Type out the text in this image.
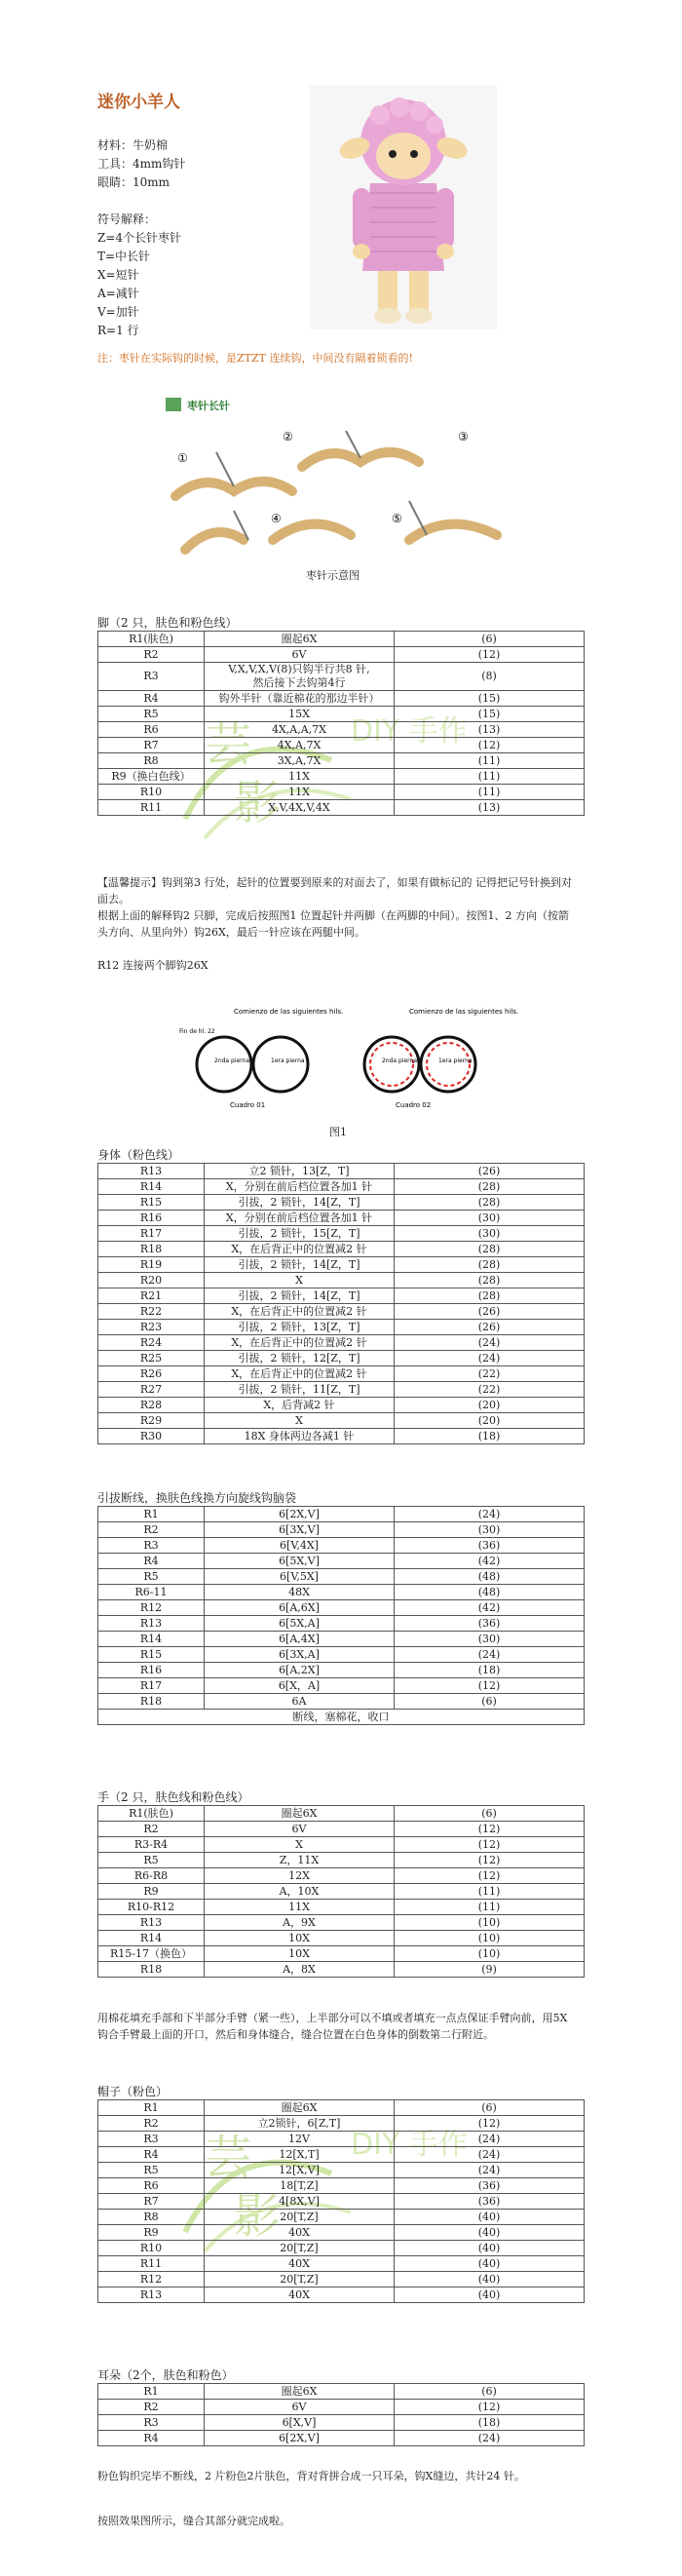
迷你小羊人
材料：牛奶棉
工具：4mm钩针
眼睛：10mm
符号解释：
Z=4个长针枣针
T=中长针
X=短针
A=减针
V=加针
R=1 行
注：枣针在实际钩的时候，是ZTZT 连续钩，中间没有隔着锁看的!
枣针长针
①
②	③
④	⑤
枣针示意图
芸
影
DIY 手作
脚（2 只，肤色和粉色线）
R1(肤色)	圈起6X	(6)
R2	6V	(12)
R3	V,X,V,X,V(8)只钩半行共8 针,
然后接下去钩第4行	(8)
R4	钩外半针（靠近棉花的那边半针）	(15)
R5	15X	(15)
R6	4X,A,A,7X	(13)
R7	4X,A,7X	(12)
R8	3X,A,7X	(11)
R9（换白色线）	11X	(11)
R10	11X	(11)
R11	X,V,4X,V,4X	(13)
【温馨提示】钩到第3 行处，起针的位置要到原来的对面去了，如果有做标记的 记得把记号针换到对面去。
根据上面的解释钩2 只脚，完成后按照图1 位置起针并两脚（在两脚的中间）。按图1、2 方向（按箭头方向、从里向外）钩26X，最后一针应该在两腿中间。
R12 连接两个脚钩26X
Comienzo de las siguientes hils.
Fin de hl. 22
2nda pierna	1era pierna
Cuadro 01
Comienzo de las siguientes hils.
2nda pierna	1era pierna
Cuadro 02
图1
身体（粉色线）
R13	立2 锁针，13[Z，T]	(26)
R14	X，分别在前后档位置各加1 针	(28)
R15	引拔，2 锁针，14[Z，T]	(28)
R16	X，分别在前后档位置各加1 针	(30)
R17	引拔，2 锁针，15[Z，T]	(30)
R18	X，在后背正中的位置减2 针	(28)
R19	引拔，2 锁针，14[Z，T]	(28)
R20	X	(28)
R21	引拔，2 锁针，14[Z，T]	(28)
R22	X，在后背正中的位置减2 针	(26)
R23	引拔，2 锁针，13[Z，T]	(26)
R24	X，在后背正中的位置减2 针	(24)
R25	引拔，2 锁针，12[Z，T]	(24)
R26	X，在后背正中的位置减2 针	(22)
R27	引拔，2 锁针，11[Z，T]	(22)
R28	X，后背减2 针	(20)
R29	X	(20)
R30	18X 身体两边各减1 针	(18)
引拔断线，换肤色线换方向旋线钩脑袋
R1	6[2X,V]	(24)
R2	6[3X,V]	(30)
R3	6[V,4X]	(36)
R4	6[5X,V]	(42)
R5	6[V,5X]	(48)
R6-11	48X	(48)
R12	6[A,6X]	(42)
R13	6[5X,A]	(36)
R14	6[A,4X]	(30)
R15	6[3X,A]	(24)
R16	6[A,2X]	(18)
R17	6[X，A]	(12)
R18	6A	(6)
断线，塞棉花，收口		
手（2 只，肤色线和粉色线）
R1(肤色)	圈起6X	(6)
R2	6V	(12)
R3-R4	X	(12)
R5	Z，11X	(12)
R6-R8	12X	(12)
R9	A，10X	(11)
R10-R12	11X	(11)
R13	A，9X	(10)
R14	10X	(10)
R15-17（换色）	10X	(10)
R18	A，8X	(9)
用棉花填充手部和下半部分手臂（紧一些），上半部分可以不填或者填充一点点保证手臂向前，用5X 钩合手臂最上面的开口，然后和身体缝合，缝合位置在白色身体的倒数第二行附近。
芸
影
DIY 手作
帽子（粉色）
R1	圈起6X	(6)
R2	立2锁针，6[Z,T]	(12)
R3	12V	(24)
R4	12[X,T]	(24)
R5	12[X,V]	(24)
R6	18[T,Z]	(36)
R7	4[8X,V]	(36)
R8	20[T,Z]	(40)
R9	40X	(40)
R10	20[T,Z]	(40)
R11	40X	(40)
R12	20[T,Z]	(40)
R13	40X	(40)
耳朵（2个，肤色和粉色）
R1	圈起6X	(6)
R2	6V	(12)
R3	6[X,V]	(18)
R4	6[2X,V]	(24)
粉色钩织完毕不断线，2 片粉色2片肤色，背对背拼合成一只耳朵，钩X缝边，共计24 针。
按照效果图所示，缝合其部分就完成啦。
